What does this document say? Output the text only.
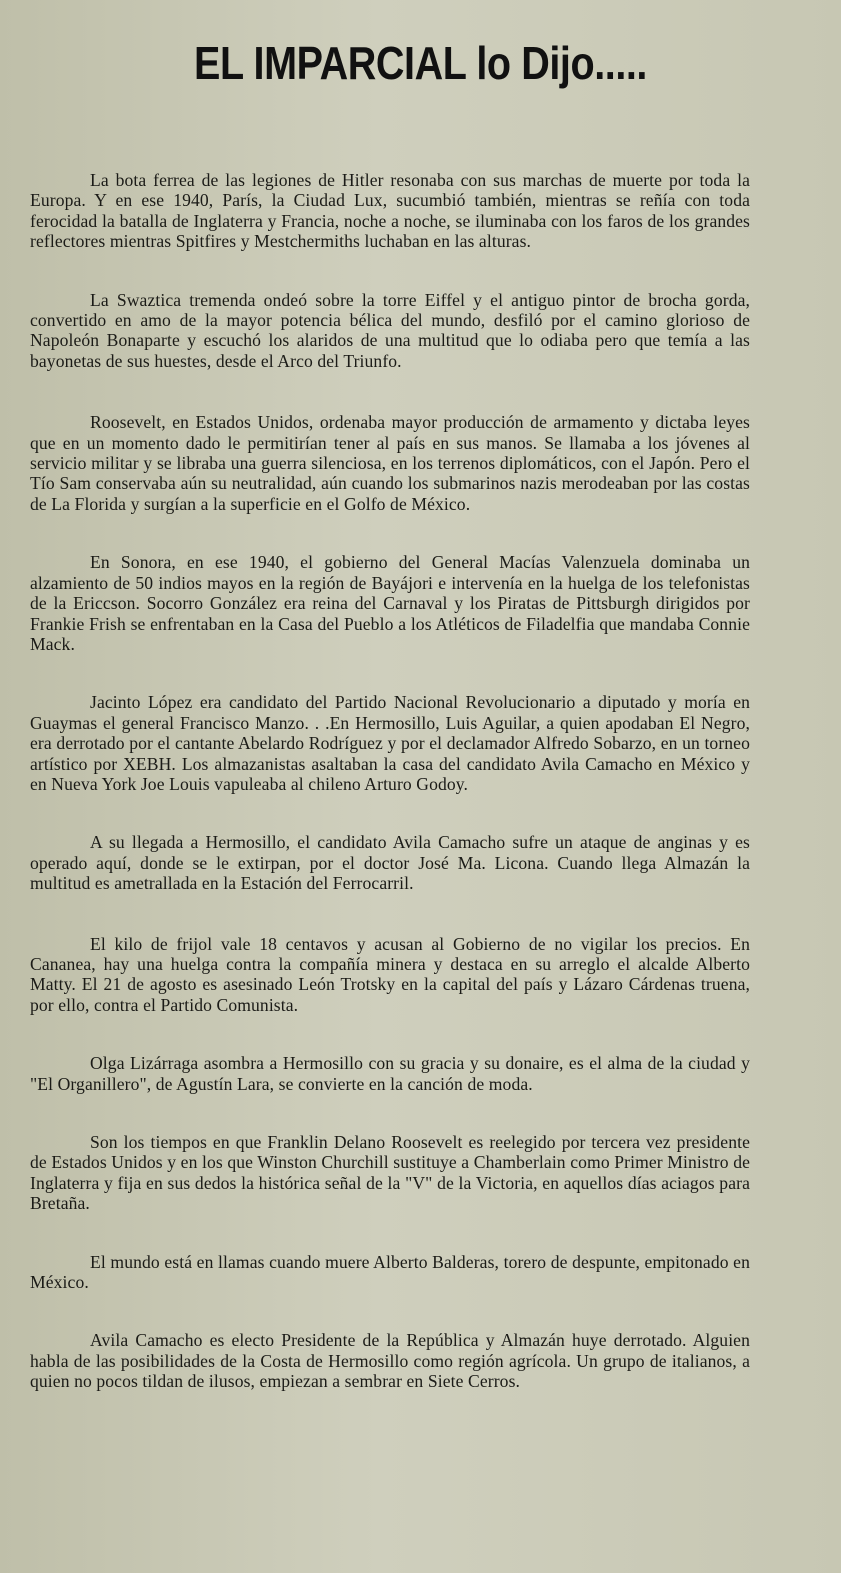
EL IMPARCIAL lo Dijo.....

La bota ferrea de las legiones de Hitler resonaba con sus marchas de muerte por toda la Europa. Y en ese 1940, París, la Ciudad Lux, sucumbió también, mientras se reñía con toda ferocidad la batalla de Inglaterra y Francia, noche a noche, se iluminaba con los faros de los grandes reflectores mientras Spitfires y Mestchermiths luchaban en las alturas.

La Swaztica tremenda ondeó sobre la torre Eiffel y el antiguo pintor de brocha gorda, convertido en amo de la mayor potencia bélica del mundo, desfiló por el camino glorioso de Napoleón Bonaparte y escuchó los alaridos de una multitud que lo odiaba pero que temía a las bayonetas de sus huestes, desde el Arco del Triunfo.

Roosevelt, en Estados Unidos, ordenaba mayor producción de armamento y dictaba leyes que en un momento dado le permitirían tener al país en sus manos. Se llamaba a los jóvenes al servicio militar y se libraba una guerra silenciosa, en los terrenos diplomáticos, con el Japón. Pero el Tío Sam conservaba aún su neutralidad, aún cuando los submarinos nazis merodeaban por las costas de La Florida y surgían a la superficie en el Golfo de México.

En Sonora, en ese 1940, el gobierno del General Macías Valenzuela dominaba un alzamiento de 50 indios mayos en la región de Bayájori e intervenía en la huelga de los telefonistas de la Ericcson. Socorro González era reina del Carnaval y los Piratas de Pittsburgh dirigidos por Frankie Frish se enfrentaban en la Casa del Pueblo a los Atléticos de Filadelfia que mandaba Connie Mack.

Jacinto López era candidato del Partido Nacional Revolucionario a diputado y moría en Guaymas el general Francisco Manzo. . .En Hermosillo, Luis Aguilar, a quien apodaban El Negro, era derrotado por el cantante Abelardo Rodríguez y por el declamador Alfredo Sobarzo, en un torneo artístico por XEBH. Los almazanistas asaltaban la casa del candidato Avila Camacho en México y en Nueva York Joe Louis vapuleaba al chileno Arturo Godoy.

A su llegada a Hermosillo, el candidato Avila Camacho sufre un ataque de anginas y es operado aquí, donde se le extirpan, por el doctor José Ma. Licona. Cuando llega Almazán la multitud es ametrallada en la Estación del Ferrocarril.

El kilo de frijol vale 18 centavos y acusan al Gobierno de no vigilar los precios. En Cananea, hay una huelga contra la compañía minera y destaca en su arreglo el alcalde Alberto Matty. El 21 de agosto es asesinado León Trotsky en la capital del país y Lázaro Cárdenas truena, por ello, contra el Partido Comunista.

Olga Lizárraga asombra a Hermosillo con su gracia y su donaire, es el alma de la ciudad y "El Organillero", de Agustín Lara, se convierte en la canción de moda.

Son los tiempos en que Franklin Delano Roosevelt es reelegido por tercera vez presidente de Estados Unidos y en los que Winston Churchill sustituye a Chamberlain como Primer Ministro de Inglaterra y fija en sus dedos la histórica señal de la "V" de la Victoria, en aquellos días aciagos para Bretaña.

El mundo está en llamas cuando muere Alberto Balderas, torero de despunte, empitonado en México.

Avila Camacho es electo Presidente de la República y Almazán huye derrotado. Alguien habla de las posibilidades de la Costa de Hermosillo como región agrícola. Un grupo de italianos, a quien no pocos tildan de ilusos, empiezan a sembrar en Siete Cerros.
